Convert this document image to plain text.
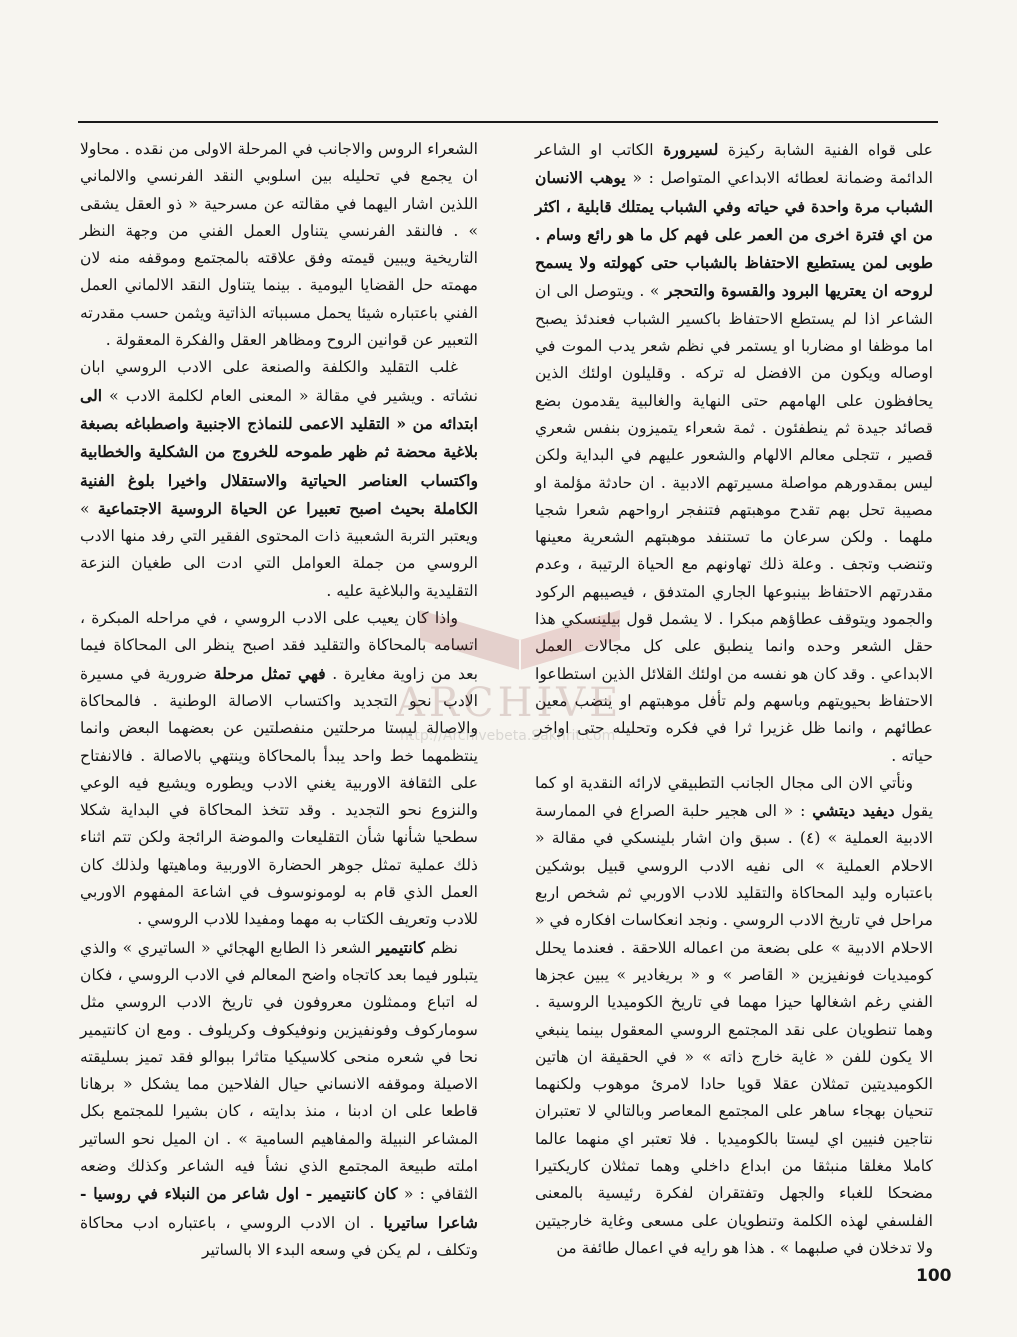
على قواه الفنية الشابة ركيزة لسيرورة الكاتب او الشاعر الدائمة وضمانة لعطائه الابداعي المتواصل : « يوهب الانسان الشباب مرة واحدة في حياته وفي الشباب يمتلك قابلية ، اكثر من اي فترة اخرى من العمر على فهم كل ما هو رائع وسام . طوبى لمن يستطيع الاحتفاظ بالشباب حتى كهولته ولا يسمح لروحه ان يعتريها البرود والقسوة والتحجر » . ويتوصل الى ان الشاعر اذا لم يستطع الاحتفاظ باكسير الشباب فعندئذ يصبح اما موظفا او مضاربا او يستمر في نظم شعر يدب الموت في اوصاله ويكون من الافضل له تركه . وقليلون اولئك الذين يحافظون على الهامهم حتى النهاية والغالبية يقدمون بضع قصائد جيدة ثم ينطفئون . ثمة شعراء يتميزون بنفس شعري قصير ، تتجلى معالم الالهام والشعور عليهم في البداية ولكن ليس بمقدورهم مواصلة مسيرتهم الادبية . ان حادثة مؤلمة او مصيبة تحل بهم تقدح موهبتهم فتنفجر ارواحهم شعرا شجيا ملهما . ولكن سرعان ما تستنفد موهبتهم الشعرية معينها وتنضب وتجف . وعلة ذلك تهاونهم مع الحياة الرتيبة ، وعدم مقدرتهم الاحتفاظ بينبوعها الجاري المتدفق ، فيصيبهم الركود والجمود ويتوقف عطاؤهم مبكرا . لا يشمل قول بيلينسكي هذا حقل الشعر وحده وانما ينطبق على كل مجالات العمل الابداعي . وقد كان هو نفسه من اولئك القلائل الذين استطاعوا الاحتفاظ بحيويتهم وباسهم ولم تأفل موهبتهم او ينضب معين عطائهم ، وانما ظل غزيرا ثرا في فكره وتحليله حتى اواخر حياته .

ونأتي الان الى مجال الجانب التطبيقي لارائه النقدية او كما يقول ديفيد ديتشي : « الى هجير حلبة الصراع في الممارسة الادبية العملية » (٤) . سبق وان اشار بلينسكي في مقالة « الاحلام العملية » الى نفيه الادب الروسي قبيل بوشكين باعتباره وليد المحاكاة والتقليد للادب الاوربي ثم شخص اربع مراحل في تاريخ الادب الروسي . ونجد انعكاسات افكاره في « الاحلام الادبية » على بضعة من اعماله اللاحقة . فعندما يحلل كوميديات فونفيزين « القاصر » و « بريغادير » يبين عجزها الفني رغم اشغالها حيزا مهما في تاريخ الكوميديا الروسية . وهما تنطويان على نقد المجتمع الروسي المعقول بينما ينبغي الا يكون للفن « غاية خارج ذاته » « في الحقيقة ان هاتين الكوميديتين تمثلان عقلا قويا حادا لامرئ موهوب ولكنهما تنحيان بهجاء ساهر على المجتمع المعاصر وبالتالي لا تعتبران نتاجين فنيين اي ليستا بالكوميديا . فلا تعتبر اي منهما عالما كاملا مغلقا منبثقا من ابداع داخلي وهما تمثلان كاريكتيرا مضحكا للغباء والجهل وتفتقران لفكرة رئيسية بالمعنى الفلسفي لهذه الكلمة وتنطويان على مسعى وغاية خارجيتين ولا تدخلان في صلبهما » . هذا هو رايه في اعمال طائفة من

الشعراء الروس والاجانب في المرحلة الاولى من نقده . محاولا ان يجمع في تحليله بين اسلوبي النقد الفرنسي والالماني اللذين اشار اليهما في مقالته عن مسرحية « ذو العقل يشقى » . فالنقد الفرنسي يتناول العمل الفني من وجهة النظر التاريخية ويبين قيمته وفق علاقته بالمجتمع وموقفه منه لان مهمته حل القضايا اليومية . بينما يتناول النقد الالماني العمل الفني باعتباره شيئا يحمل مسبباته الذاتية ويثمن حسب مقدرته التعبير عن قوانين الروح ومظاهر العقل والفكرة المعقولة .

غلب التقليد والكلفة والصنعة على الادب الروسي ابان نشاته . ويشير في مقالة « المعنى العام لكلمة الادب » الى ابتدائه من « التقليد الاعمى للنماذج الاجنبية واصطباغه بصبغة بلاغية محضة ثم ظهر طموحه للخروج من الشكلية والخطابية واكتساب العناصر الحياتية والاستقلال واخيرا بلوغ الفنية الكاملة بحيث اصبح تعبيرا عن الحياة الروسية الاجتماعية » ويعتبر التربة الشعبية ذات المحتوى الفقير التي رفد منها الادب الروسي من جملة العوامل التي ادت الى طغيان النزعة التقليدية والبلاغية عليه .

واذا كان يعيب على الادب الروسي ، في مراحله المبكرة ، اتسامه بالمحاكاة والتقليد فقد اصبح ينظر الى المحاكاة فيما بعد من زاوية مغايرة . فهي تمثل مرحلة ضرورية في مسيرة الادب نحو التجديد واكتساب الاصالة الوطنية . فالمحاكاة والاصالة ليستا مرحلتين منفصلتين عن بعضهما البعض وانما ينتظمهما خط واحد يبدأ بالمحاكاة وينتهي بالاصالة . فالانفتاح على الثقافة الاوربية يغني الادب ويطوره ويشيع فيه الوعي والنزوع نحو التجديد . وقد تتخذ المحاكاة في البداية شكلا سطحيا شأنها شأن التقليعات والموضة الرائجة ولكن تتم اثناء ذلك عملية تمثل جوهر الحضارة الاوربية وماهيتها ولذلك كان العمل الذي قام به لومونوسوف في اشاعة المفهوم الاوربي للادب وتعريف الكتاب به مهما ومفيدا للادب الروسي .

نظم كانتيمير الشعر ذا الطابع الهجائي « الساتيري » والذي يتبلور فيما بعد كاتجاه واضح المعالم في الادب الروسي ، فكان له اتباع وممثلون معروفون في تاريخ الادب الروسي مثل سوماركوف وفونفيزين ونوفيكوف وكريلوف . ومع ان كانتيمير نحا في شعره منحى كلاسيكيا متاثرا ببوالو فقد تميز بسليقته الاصيلة وموقفه الانساني حيال الفلاحين مما يشكل « برهانا قاطعا على ان ادبنا ، منذ بدايته ، كان بشيرا للمجتمع بكل المشاعر النبيلة والمفاهيم السامية » . ان الميل نحو الساتير املته طبيعة المجتمع الذي نشأ فيه الشاعر وكذلك وضعه الثقافي : « كان كانتيمير - اول شاعر من النبلاء في روسيا - شاعرا ساتيريا . ان الادب الروسي ، باعتباره ادب محاكاة وتكلف ، لم يكن في وسعه البدء الا بالساتير

ARCHIVE
http://Archivebeta.Sakhrit.com
100
